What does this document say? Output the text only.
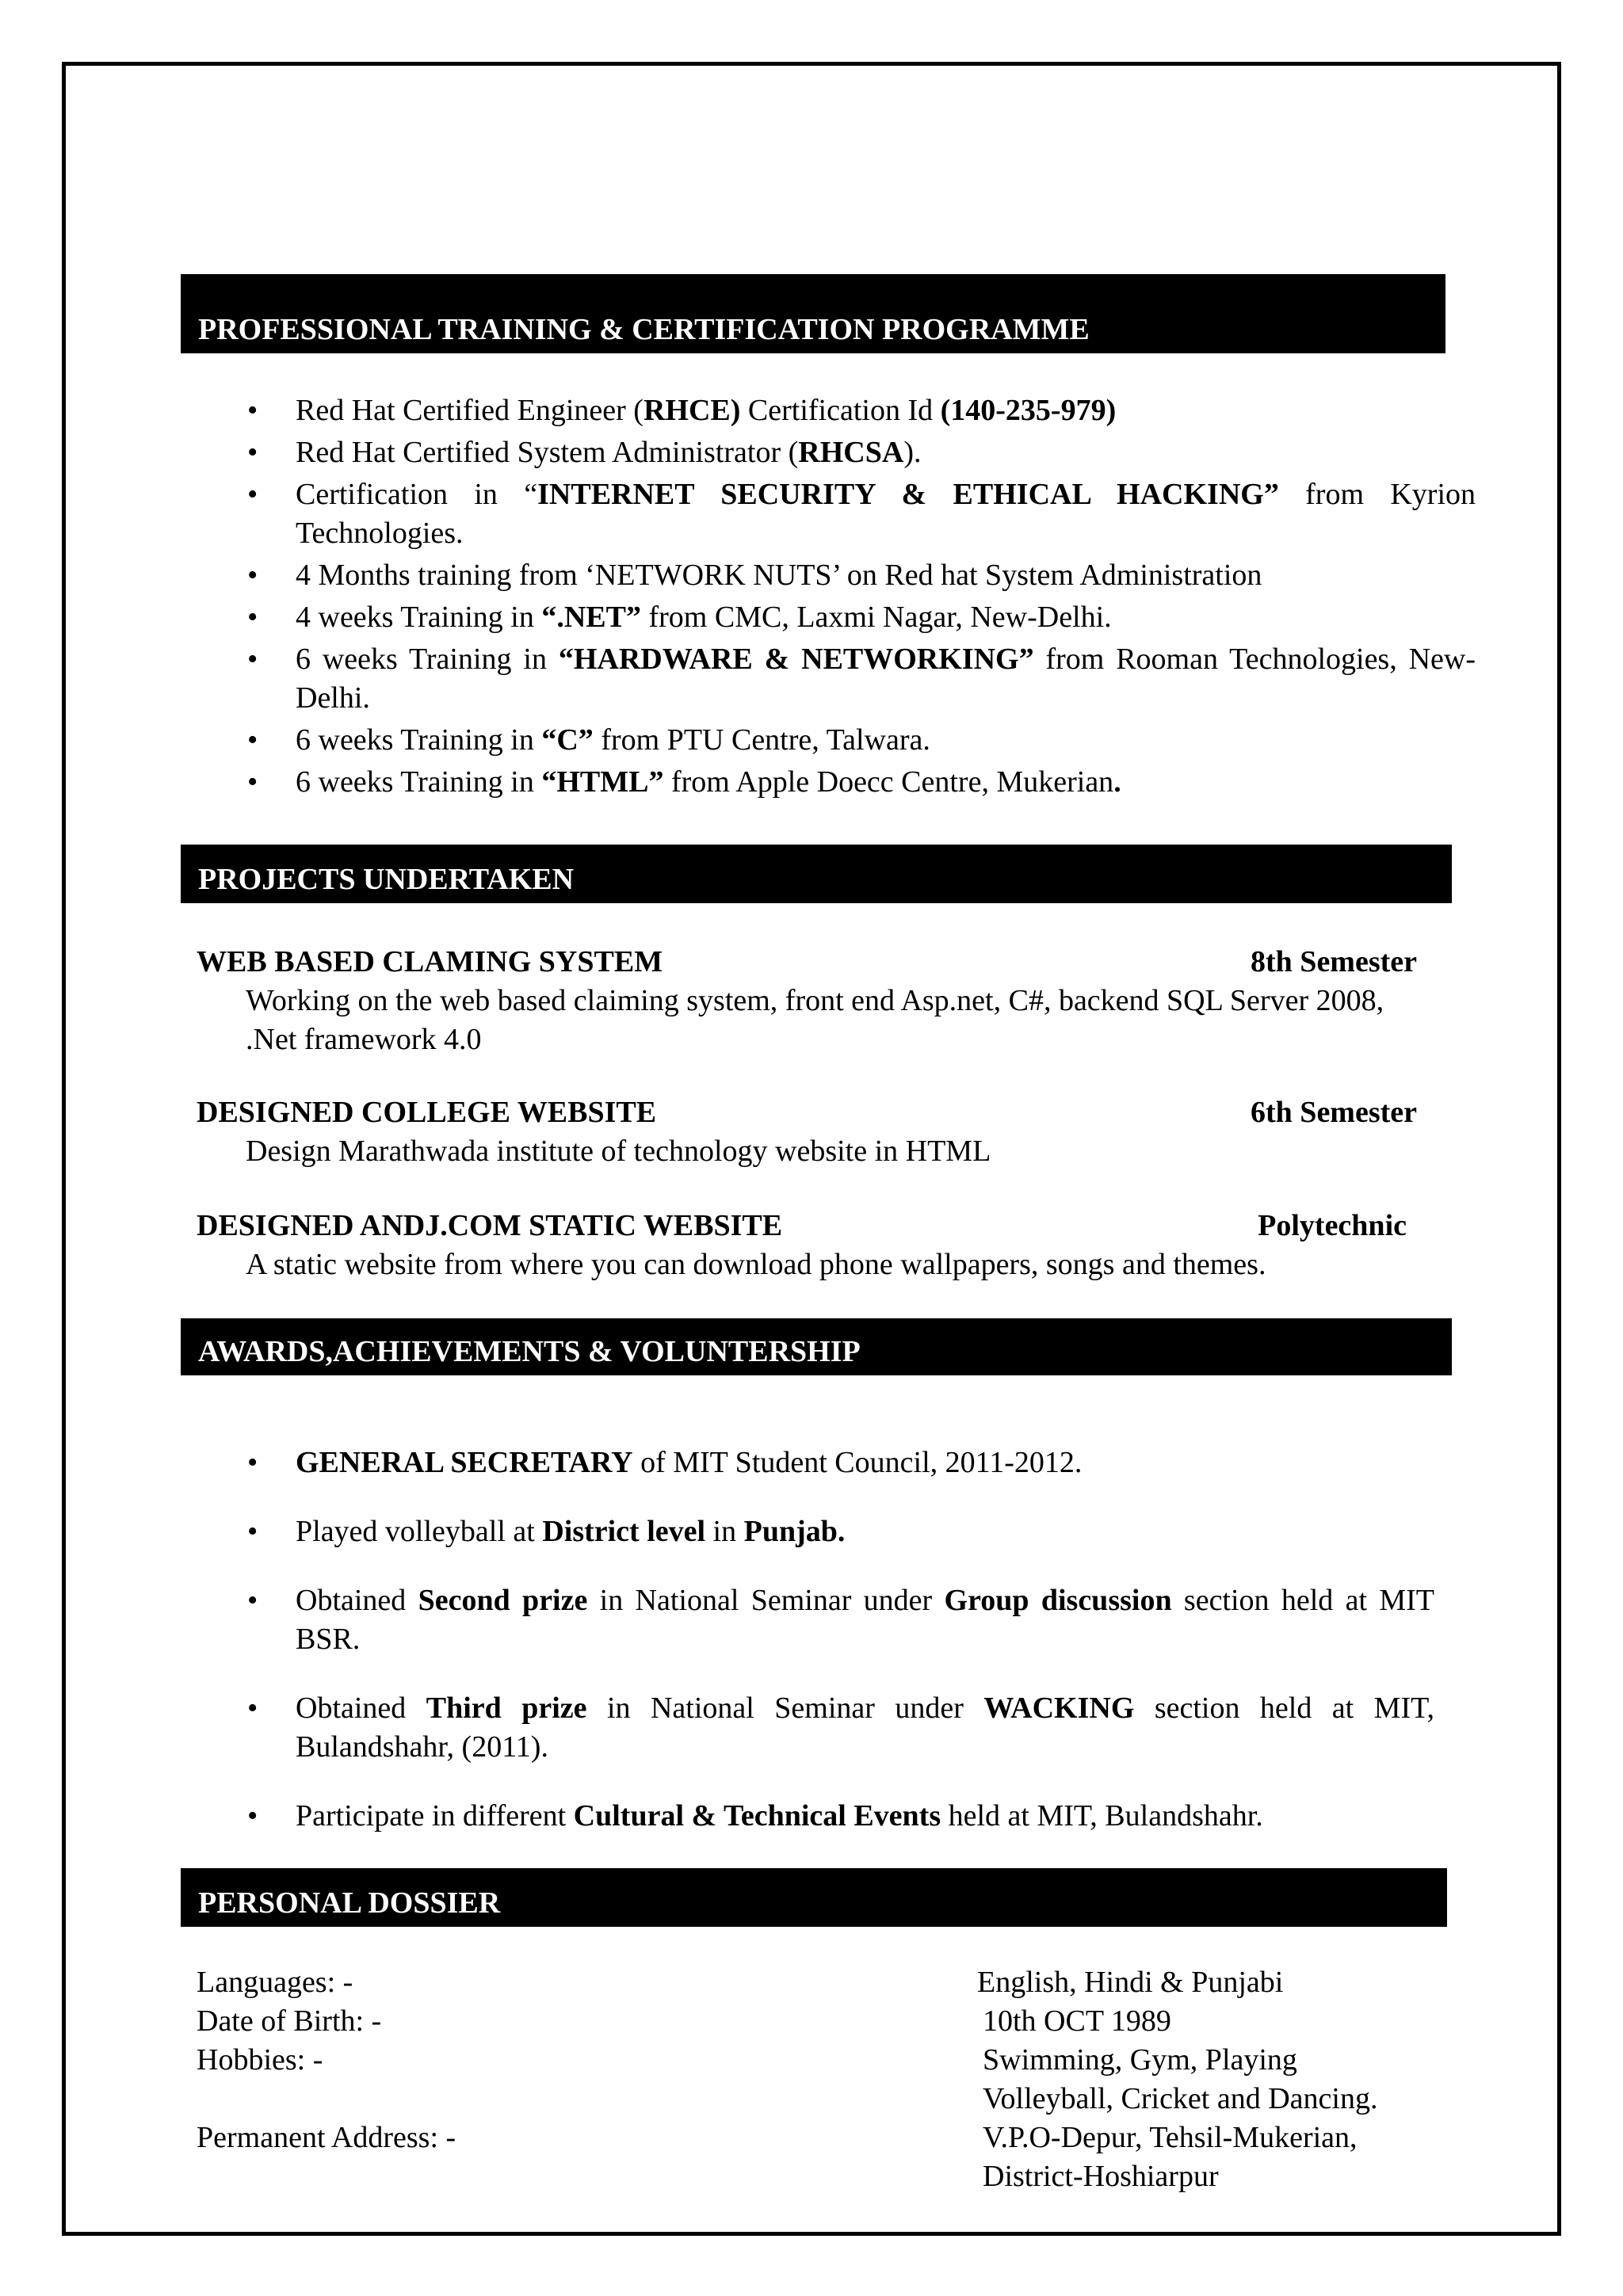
PROFESSIONAL TRAINING & CERTIFICATION PROGRAMME
• Red Hat Certified Engineer (RHCE) Certification Id (140-235-979)
• Red Hat Certified System Administrator (RHCSA).
• Certification in “INTERNET SECURITY & ETHICAL HACKING” from Kyrion Technologies.
• 4 Months training from ‘NETWORK NUTS’ on Red hat System Administration
• 4 weeks Training in “.NET” from CMC, Laxmi Nagar, New-Delhi.
• 6 weeks Training in “HARDWARE & NETWORKING” from Rooman Technologies, New-Delhi.
• 6 weeks Training in “C” from PTU Centre, Talwara.
• 6 weeks Training in “HTML” from Apple Doecc Centre, Mukerian.
PROJECTS UNDERTAKEN
WEB BASED CLAMING SYSTEM	8th Semester
Working on the web based claiming system, front end Asp.net, C#, backend SQL Server 2008, .Net framework 4.0
DESIGNED COLLEGE WEBSITE	6th Semester
Design Marathwada institute of technology website in HTML
DESIGNED ANDJ.COM STATIC WEBSITE	Polytechnic
A static website from where you can download phone wallpapers, songs and themes.
AWARDS,ACHIEVEMENTS & VOLUNTERSHIP
• GENERAL SECRETARY of MIT Student Council, 2011-2012.
• Played volleyball at District level in Punjab.
• Obtained Second prize in National Seminar under Group discussion section held at MIT BSR.
• Obtained Third prize in National Seminar under WACKING section held at MIT, Bulandshahr, (2011).
• Participate in different Cultural & Technical Events held at MIT, Bulandshahr.
PERSONAL DOSSIER
Languages: -	English, Hindi & Punjabi
Date of Birth: -	10th OCT 1989
Hobbies: -	Swimming, Gym, Playing
Volleyball, Cricket and Dancing.
Permanent Address: -	V.P.O-Depur, Tehsil-Mukerian,
District-Hoshiarpur
